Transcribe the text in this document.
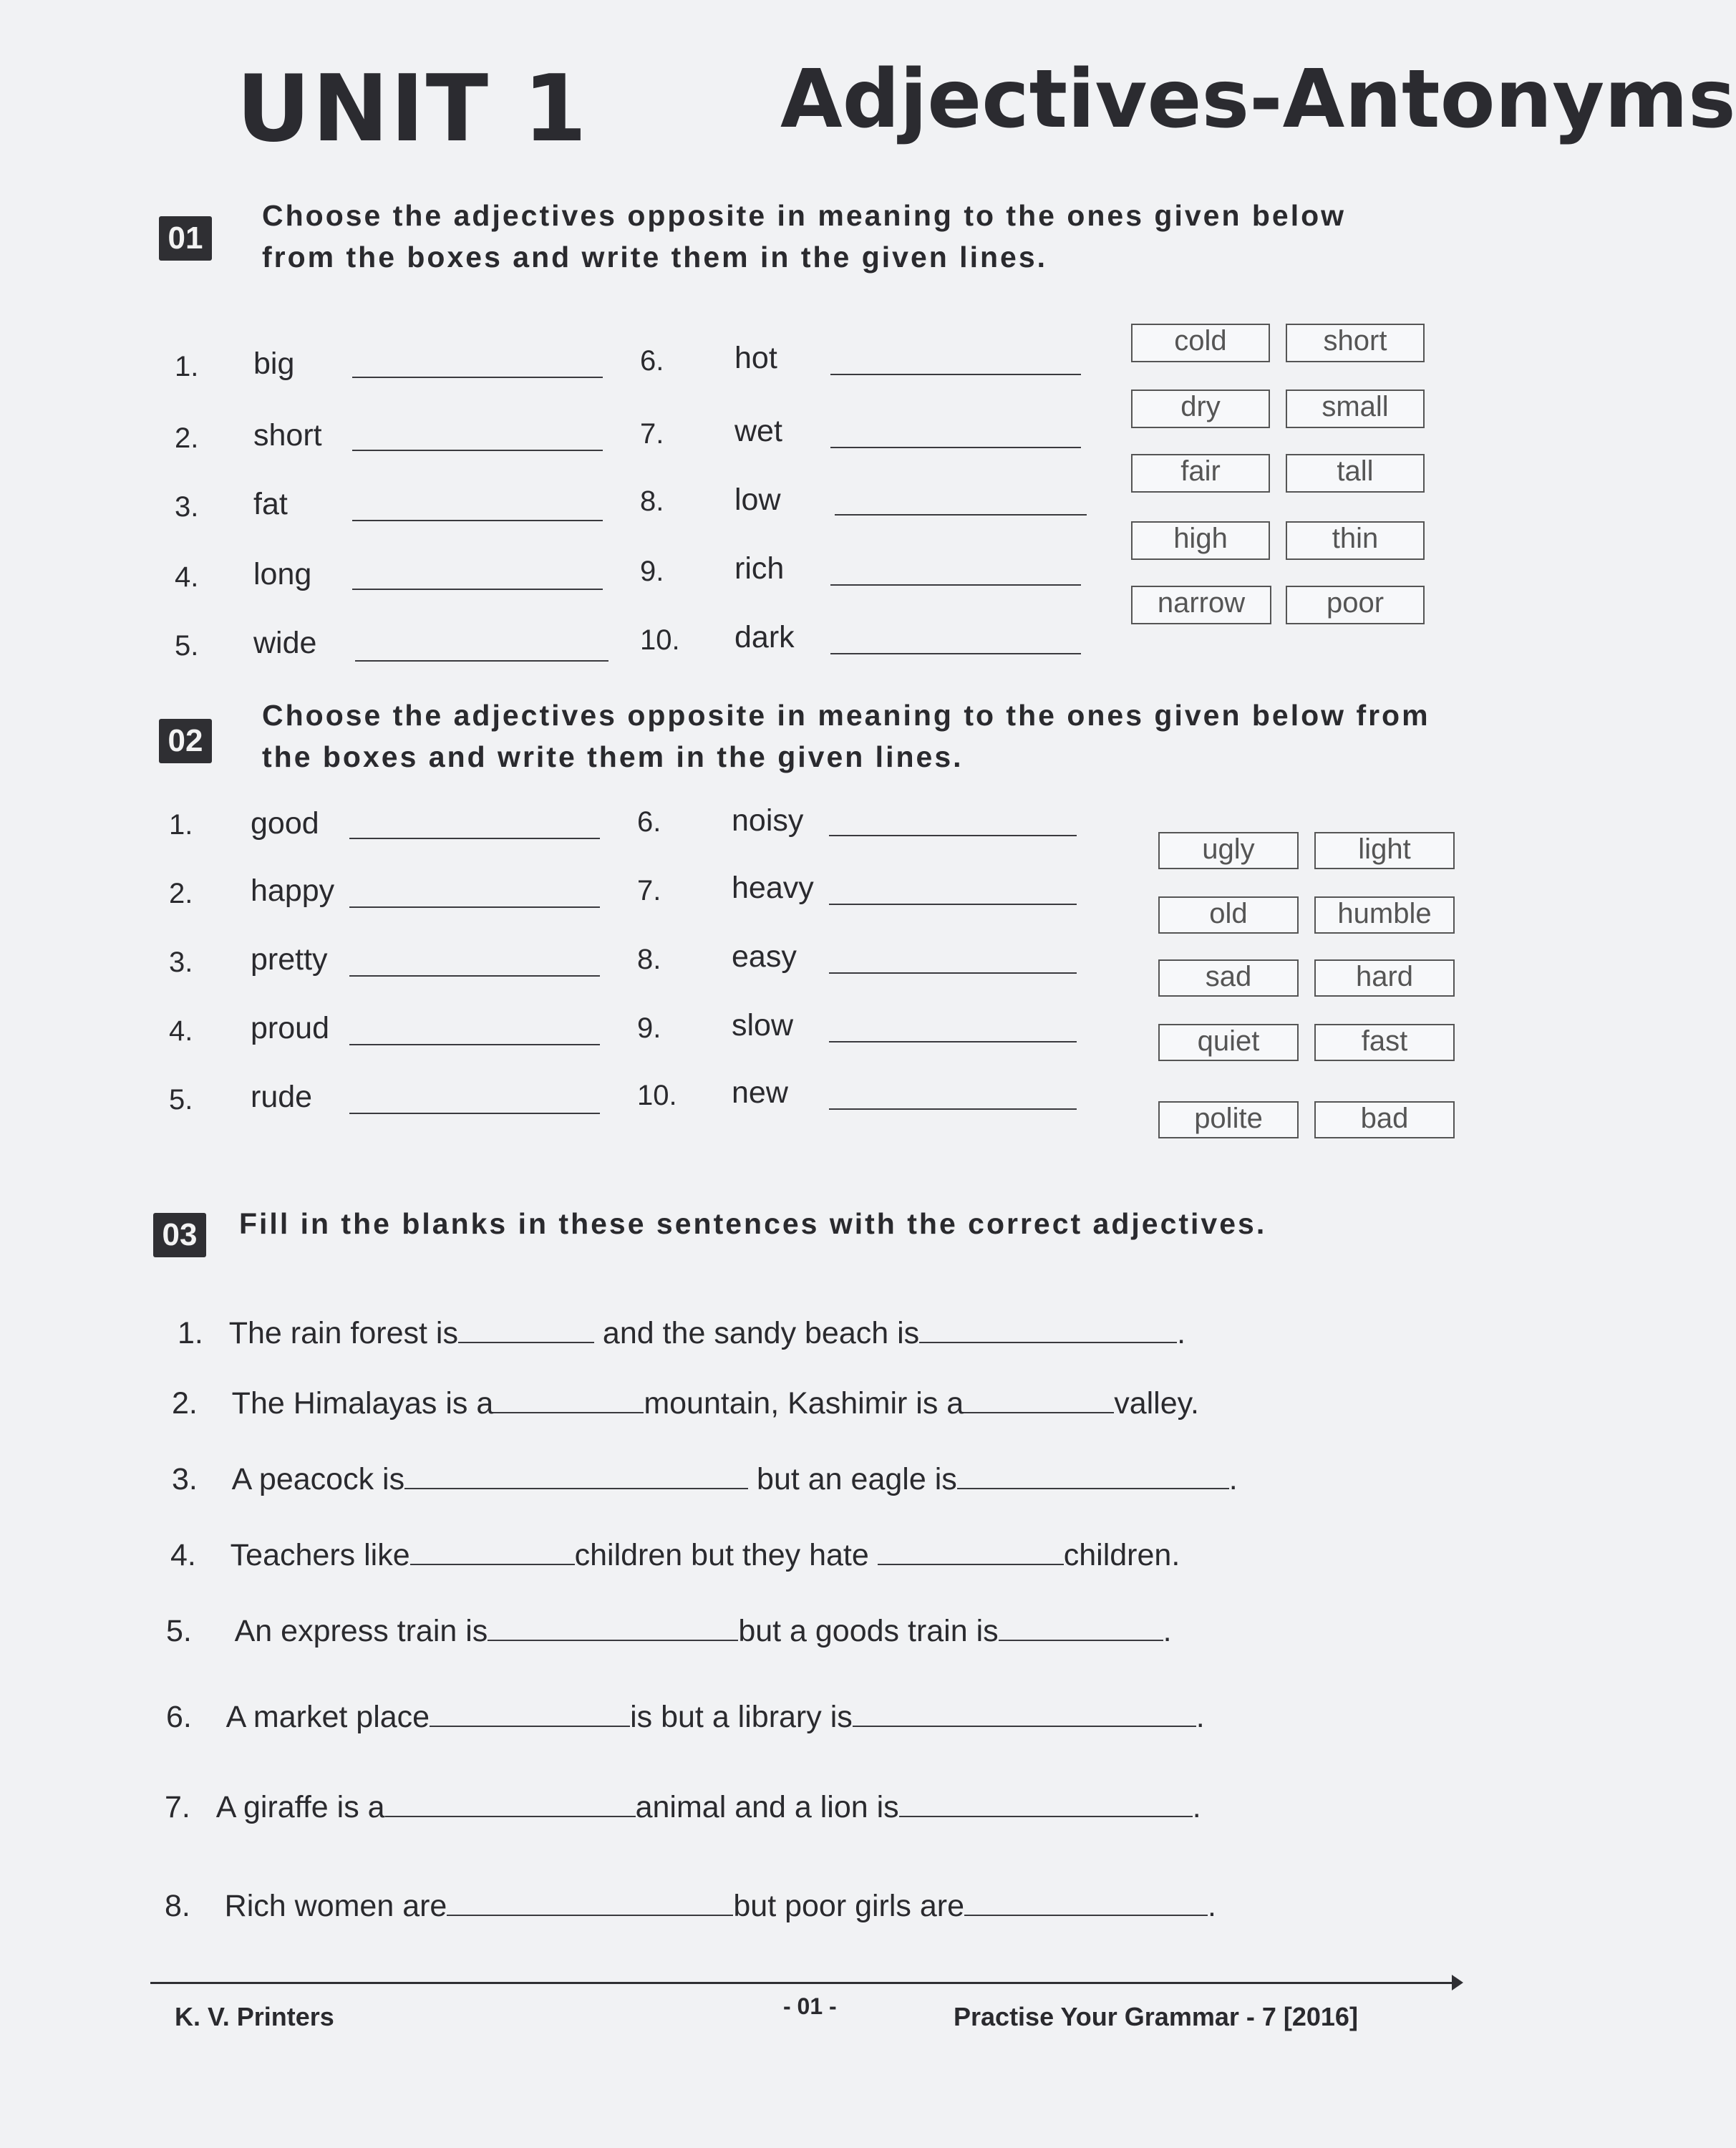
UNIT 1 Adjectives-Antonyms
01
Choose the adjectives opposite in meaning to the ones given below
from the boxes and write them in the given lines.
1. big
2. short
3. fat
4. long
5. wide
6. hot
7. wet
8. low
9. rich
10. dark
cold	short
dry	small
fair	tall
high	thin
narrow	poor
02
Choose the adjectives opposite in meaning to the ones given below from
the boxes and write them in the given lines.
1. good
2. happy
3. pretty
4. proud
5. rude
6. noisy
7. heavy
8. easy
9. slow
10. new
ugly	light
old	humble
sad	hard
quiet	fast
polite	bad
03	Fill in the blanks in these sentences with the correct adjectives.
1. The rain forest is	and the sandy beach is	.
2. The Himalayas is a	mountain, Kashimir is a	valley.
3. A peacock is	but an eagle is	.
4. Teachers like	children but they hate	children.
5. An express train is	but a goods train is	.
6. A market place	is but a library is	.
7. A giraffe is a	animal and a lion is	.
8. Rich women are	but poor girls are	.
K. V. Printers	- 01 -	Practise Your Grammar - 7 [2016]
